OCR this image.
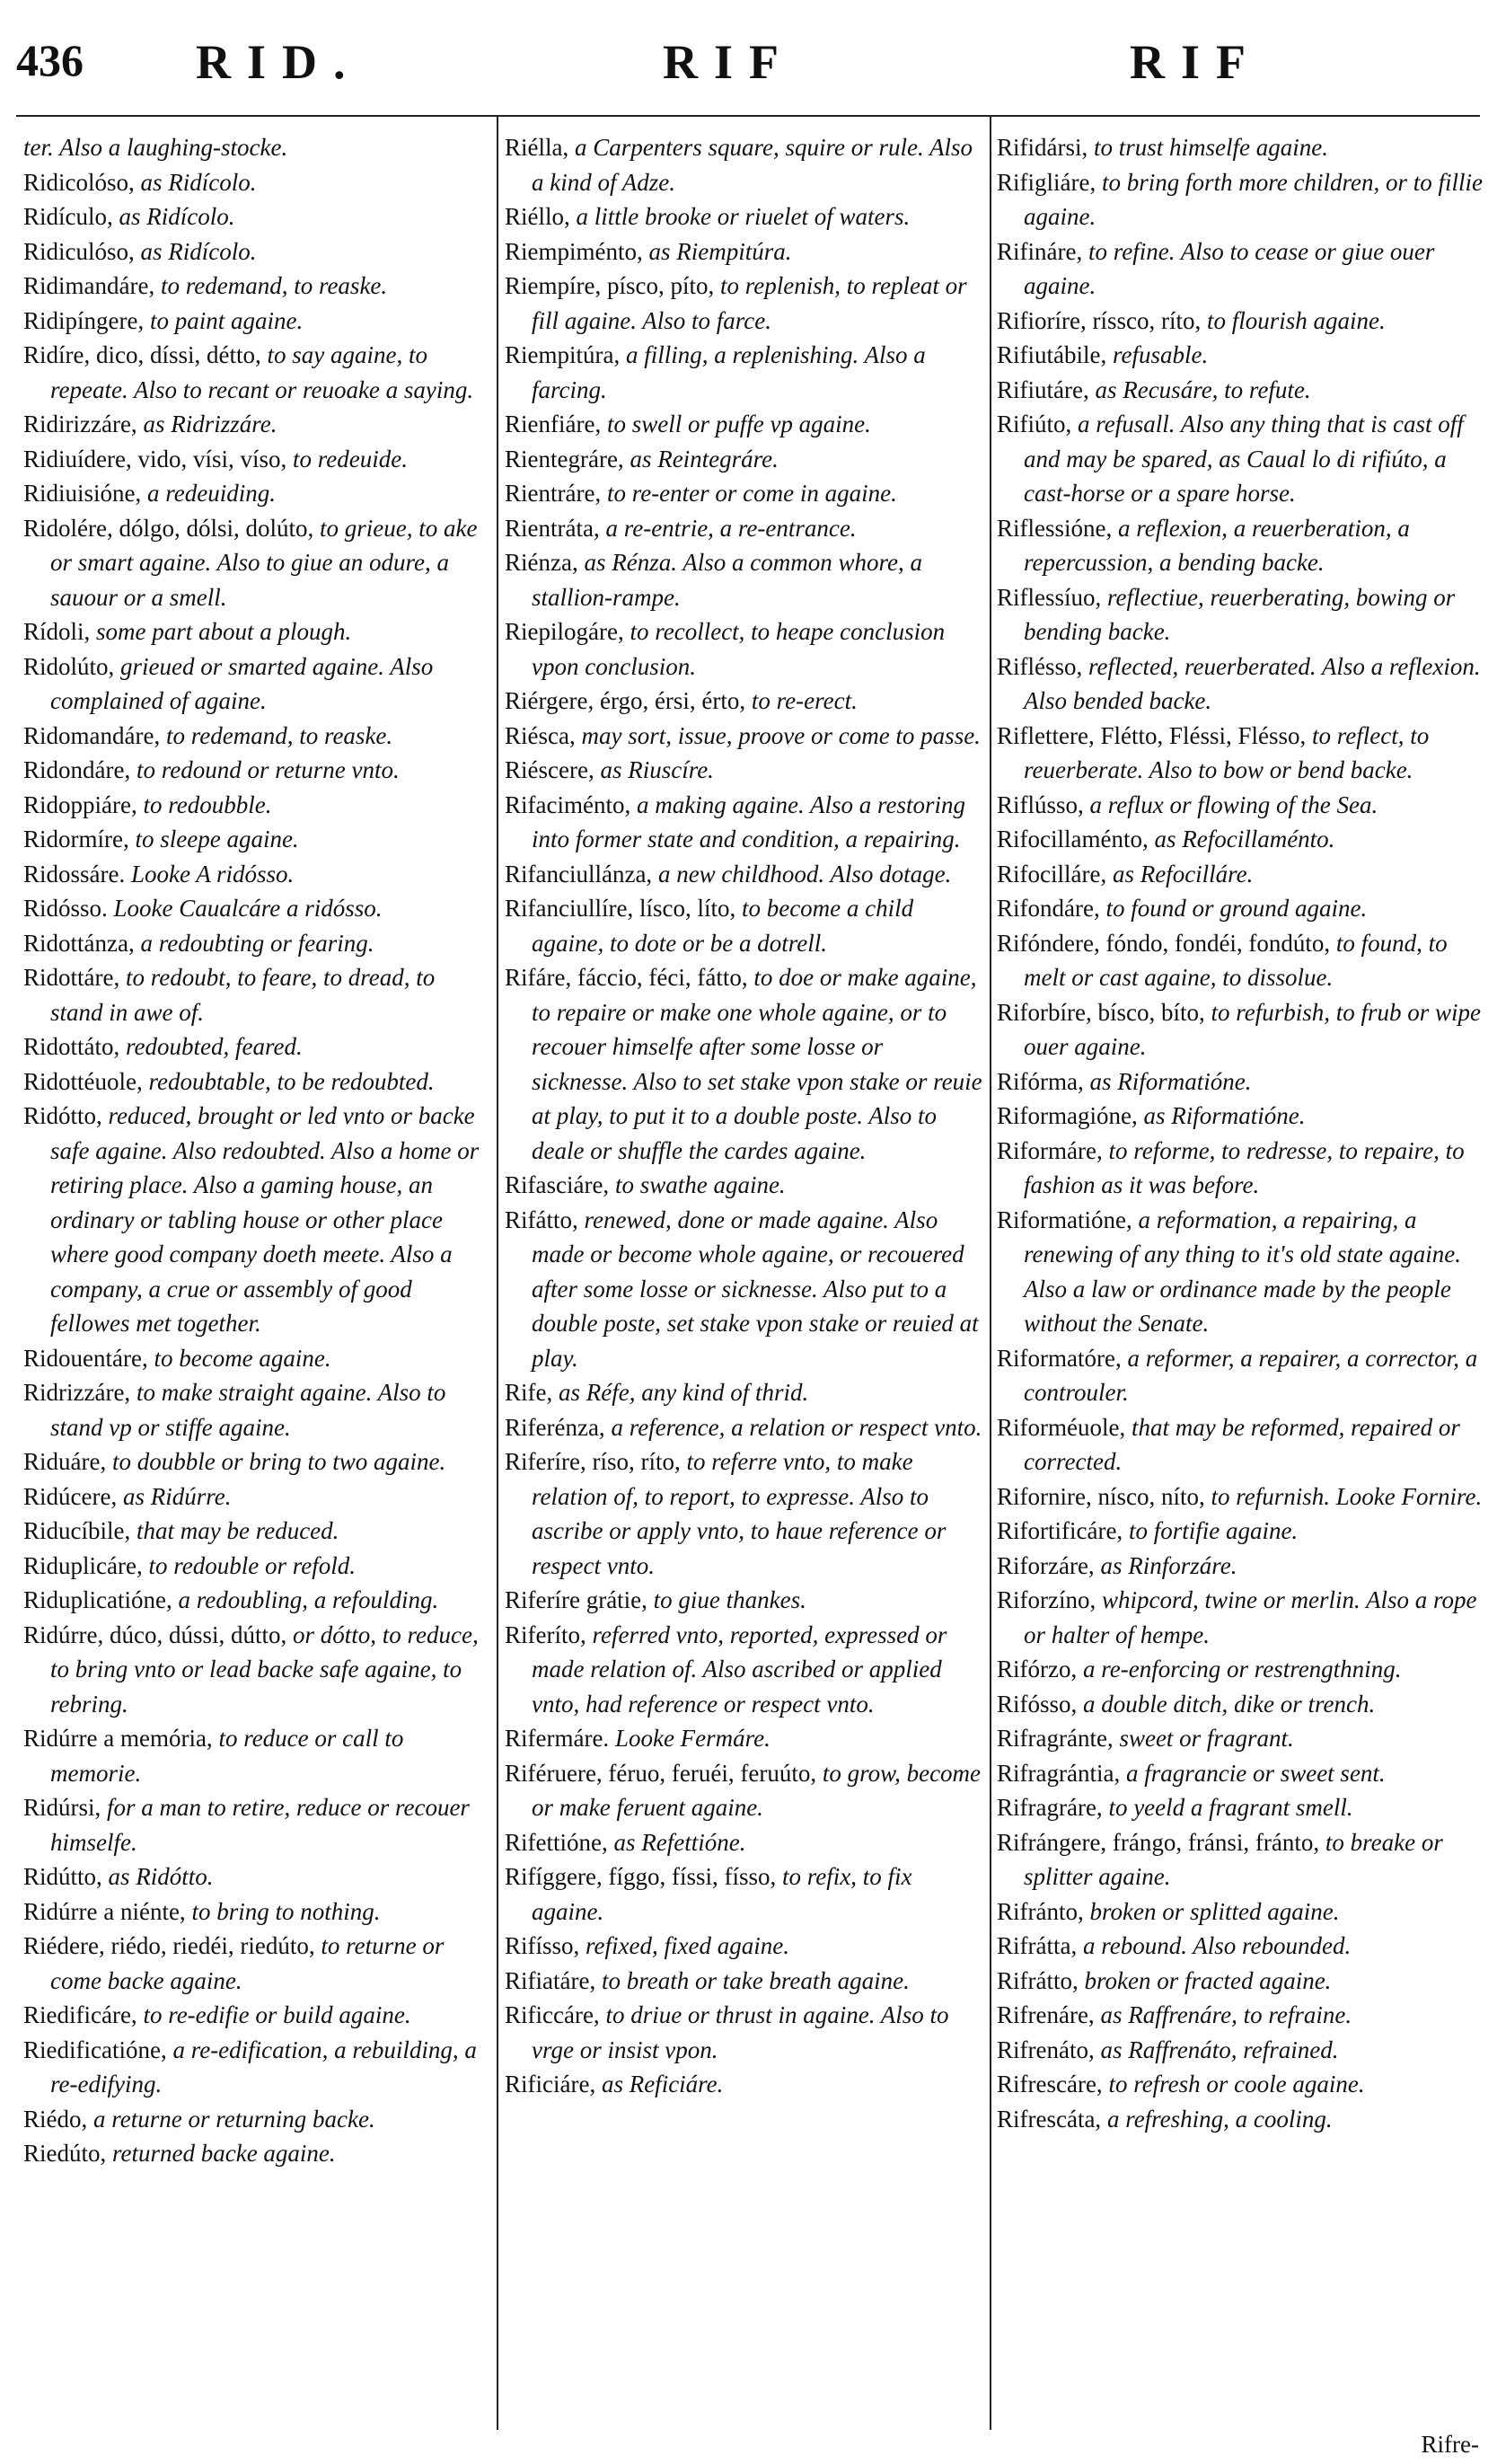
436 RID.	RIF	RIF

ter. Also a laughing-stocke.

Ridicolóso, as Ridícolo.

Ridículo, as Ridícolo.

Ridiculóso, as Ridícolo.

Ridimandáre, to redemand, to reaske.

Ridipíngere, to paint againe.

Ridíre, dico, díssi, détto, to say againe, to repeate. Also to recant or reuoake a saying.

Ridirizzáre, as Ridrizzáre.

Ridiuídere, vido, vísi, víso, to redeuide.

Ridiuisióne, a redeuiding.

Ridolére, dólgo, dólsi, dolúto, to grieue, to ake or smart againe. Also to giue an odure, a sauour or a smell.

Rídoli, some part about a plough.

Ridolúto, grieued or smarted againe. Also complained of againe.

Ridomandáre, to redemand, to reaske.

Ridondáre, to redound or returne vnto.

Ridoppiáre, to redoubble.

Ridormíre, to sleepe againe.

Ridossáre. Looke A ridósso.

Ridósso. Looke Caualcáre a ridósso.

Ridottánza, a redoubting or fearing.

Ridottáre, to redoubt, to feare, to dread, to stand in awe of.

Ridottáto, redoubted, feared.

Ridottéuole, redoubtable, to be redoubted.

Ridótto, reduced, brought or led vnto or backe safe againe. Also redoubted. Also a home or retiring place. Also a gaming house, an ordinary or tabling house or other place where good company doeth meete. Also a company, a crue or assembly of good fellowes met together.

Ridouentáre, to become againe.

Ridrizzáre, to make straight againe. Also to stand vp or stiffe againe.

Riduáre, to doubble or bring to two againe.

Ridúcere, as Ridúrre.

Riducíbile, that may be reduced.

Riduplicáre, to redouble or refold.

Riduplicatióne, a redoubling, a refoulding.

Ridúrre, dúco, dússi, dútto, or dótto, to reduce, to bring vnto or lead backe safe againe, to rebring.

Ridúrre a memória, to reduce or call to memorie.

Ridúrsi, for a man to retire, reduce or recouer himselfe.

Ridútto, as Ridótto.

Ridúrre a niénte, to bring to nothing.

Riédere, riédo, riedéi, riedúto, to returne or come backe againe.

Riedificáre, to re-edifie or build againe.

Riedificatióne, a re-edification, a rebuilding, a re-edifying.

Riédo, a returne or returning backe.

Riedúto, returned backe againe.

Riélla, a Carpenters square, squire or rule. Also a kind of Adze.

Riéllo, a little brooke or riuelet of waters.

Riempiménto, as Riempitúra.

Riempíre, písco, píto, to replenish, to repleat or fill againe. Also to farce.

Riempitúra, a filling, a replenishing. Also a farcing.

Rienfiáre, to swell or puffe vp againe.

Rientegráre, as Reintegráre.

Rientráre, to re-enter or come in againe.

Rientráta, a re-entrie, a re-entrance.

Riénza, as Rénza. Also a common whore, a stallion-rampe.

Riepilogáre, to recollect, to heape conclusion vpon conclusion.

Riérgere, érgo, érsi, érto, to re-erect.

Riésca, may sort, issue, proove or come to passe.

Riéscere, as Riuscíre.

Rifaciménto, a making againe. Also a restoring into former state and condition, a repairing.

Rifanciullánza, a new childhood. Also dotage.

Rifanciullíre, lísco, líto, to become a child againe, to dote or be a dotrell.

Rifáre, fáccio, féci, fátto, to doe or make againe, to repaire or make one whole againe, or to recouer himselfe after some losse or sicknesse. Also to set stake vpon stake or reuie at play, to put it to a double poste. Also to deale or shuffle the cardes againe.

Rifasciáre, to swathe againe.

Rifátto, renewed, done or made againe. Also made or become whole againe, or recouered after some losse or sicknesse. Also put to a double poste, set stake vpon stake or reuied at play.

Rife, as Réfe, any kind of thrid.

Riferénza, a reference, a relation or respect vnto.

Riferíre, ríso, ríto, to referre vnto, to make relation of, to report, to expresse. Also to ascribe or apply vnto, to haue reference or respect vnto.

Riferíre grátie, to giue thankes.

Riferíto, referred vnto, reported, expressed or made relation of. Also ascribed or applied vnto, had reference or respect vnto.

Rifermáre. Looke Fermáre.

Riféruere, féruo, feruéi, feruúto, to grow, become or make feruent againe.

Rifettióne, as Refettióne.

Rifíggere, fíggo, físsi, físso, to refix, to fix againe.

Rifísso, refixed, fixed againe.

Rifiatáre, to breath or take breath againe.

Rificcáre, to driue or thrust in againe. Also to vrge or insist vpon.

Rificiáre, as Reficiáre.

Rifidársi, to trust himselfe againe.

Rifigliáre, to bring forth more children, or to fillie againe.

Rifináre, to refine. Also to cease or giue ouer againe.

Rifioríre, ríssco, ríto, to flourish againe.

Rifiutábile, refusable.

Rifiutáre, as Recusáre, to refute.

Rifiúto, a refusall. Also any thing that is cast off and may be spared, as Caual lo di rifiúto, a cast-horse or a spare horse.

Riflessióne, a reflexion, a reuerberation, a repercussion, a bending backe.

Riflessíuo, reflectiue, reuerberating, bowing or bending backe.

Riflésso, reflected, reuerberated. Also a reflexion. Also bended backe.

Riflettere, Flétto, Fléssi, Flésso, to reflect, to reuerberate. Also to bow or bend backe.

Riflússo, a reflux or flowing of the Sea.

Rifocillaménto, as Refocillaménto.

Rifocilláre, as Refocilláre.

Rifondáre, to found or ground againe.

Rifóndere, fóndo, fondéi, fondúto, to found, to melt or cast againe, to dissolue.

Riforbíre, bísco, bíto, to refurbish, to frub or wipe ouer againe.

Rifórma, as Riformatióne.

Riformagióne, as Riformatióne.

Riformáre, to reforme, to redresse, to repaire, to fashion as it was before.

Riformatióne, a reformation, a repairing, a renewing of any thing to it's old state againe. Also a law or ordinance made by the people without the Senate.

Riformatóre, a reformer, a repairer, a corrector, a controuler.

Riforméuole, that may be reformed, repaired or corrected.

Rifornire, nísco, níto, to refurnish. Looke Fornire.

Rifortificáre, to fortifie againe.

Riforzáre, as Rinforzáre.

Riforzíno, whipcord, twine or merlin. Also a rope or halter of hempe.

Rifórzo, a re-enforcing or restrengthning.

Rifósso, a double ditch, dike or trench.

Rifragránte, sweet or fragrant.

Rifragrántia, a fragrancie or sweet sent.

Rifragráre, to yeeld a fragrant smell.

Rifrángere, frángo, fránsi, fránto, to breake or splitter againe.

Rifránto, broken or splitted againe.

Rifrátta, a rebound. Also rebounded.

Rifrátto, broken or fracted againe.

Rifrenáre, as Raffrenáre, to refraine.

Rifrenáto, as Raffrenáto, refrained.

Rifrescáre, to refresh or coole againe.

Rifrescáta, a refreshing, a cooling.

Rifre-
